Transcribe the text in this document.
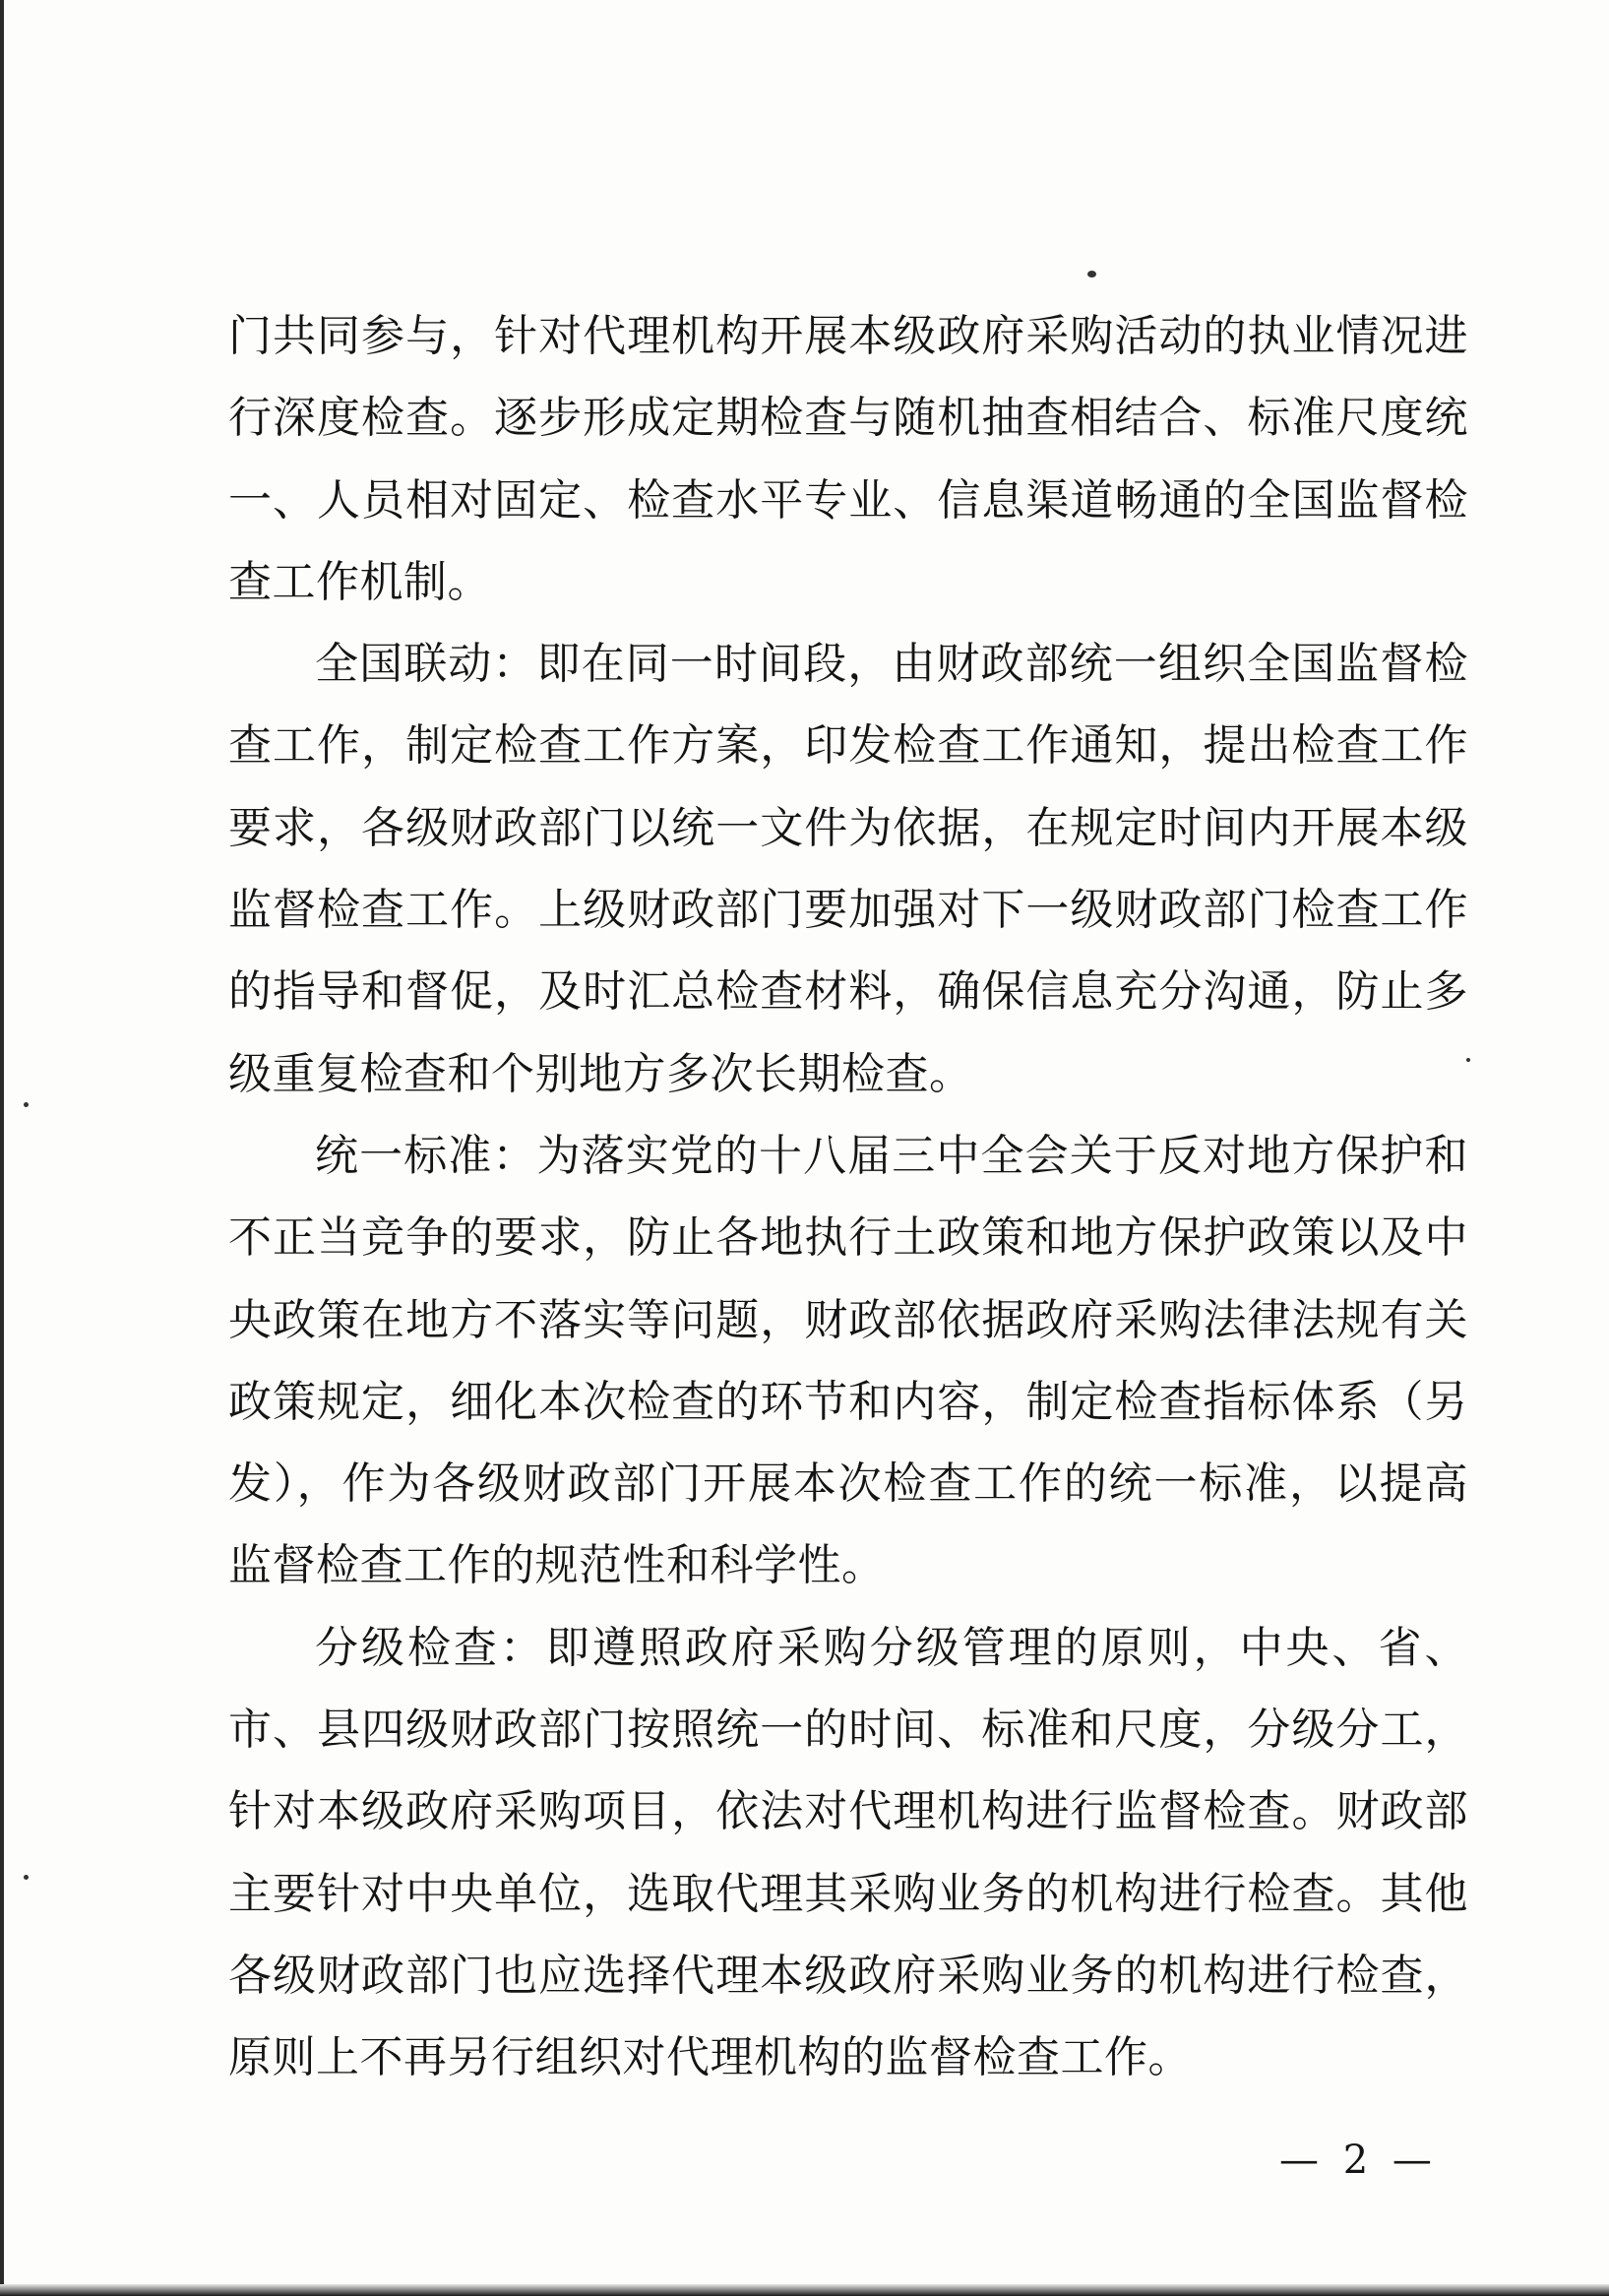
门共同参与，针对代理机构开展本级政府采购活动的执业情况进行深度检查。逐步形成定期检查与随机抽查相结合、标准尺度统一、人员相对固定、检查水平专业、信息渠道畅通的全国监督检查工作机制。

全国联动：即在同一时间段，由财政部统一组织全国监督检查工作，制定检查工作方案，印发检查工作通知，提出检查工作要求，各级财政部门以统一文件为依据，在规定时间内开展本级监督检查工作。上级财政部门要加强对下一级财政部门检查工作的指导和督促，及时汇总检查材料，确保信息充分沟通，防止多级重复检查和个别地方多次长期检查。

统一标准：为落实党的十八届三中全会关于反对地方保护和不正当竞争的要求，防止各地执行土政策和地方保护政策以及中央政策在地方不落实等问题，财政部依据政府采购法律法规有关政策规定，细化本次检查的环节和内容，制定检查指标体系（另发），作为各级财政部门开展本次检查工作的统一标准，以提高监督检查工作的规范性和科学性。

分级检查：即遵照政府采购分级管理的原则，中央、省、市、县四级财政部门按照统一的时间、标准和尺度，分级分工，针对本级政府采购项目，依法对代理机构进行监督检查。财政部主要针对中央单位，选取代理其采购业务的机构进行检查。其他各级财政部门也应选择代理本级政府采购业务的机构进行检查，原则上不再另行组织对代理机构的监督检查工作。

— 2 —
